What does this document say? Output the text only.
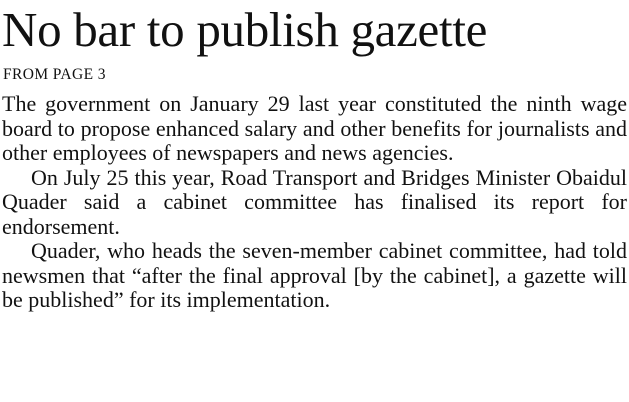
No bar to publish gazette
FROM PAGE 3

The government on January 29 last year constituted the ninth wage board to propose enhanced salary and other benefits for journalists and other employees of newspapers and news agencies.

On July 25 this year, Road Transport and Bridges Minister Obaidul Quader said a cabinet committee has finalised its report for endorsement.

Quader, who heads the seven-member cabinet committee, had told newsmen that “after the final approval [by the cabinet], a gazette will be published” for its implementation.
